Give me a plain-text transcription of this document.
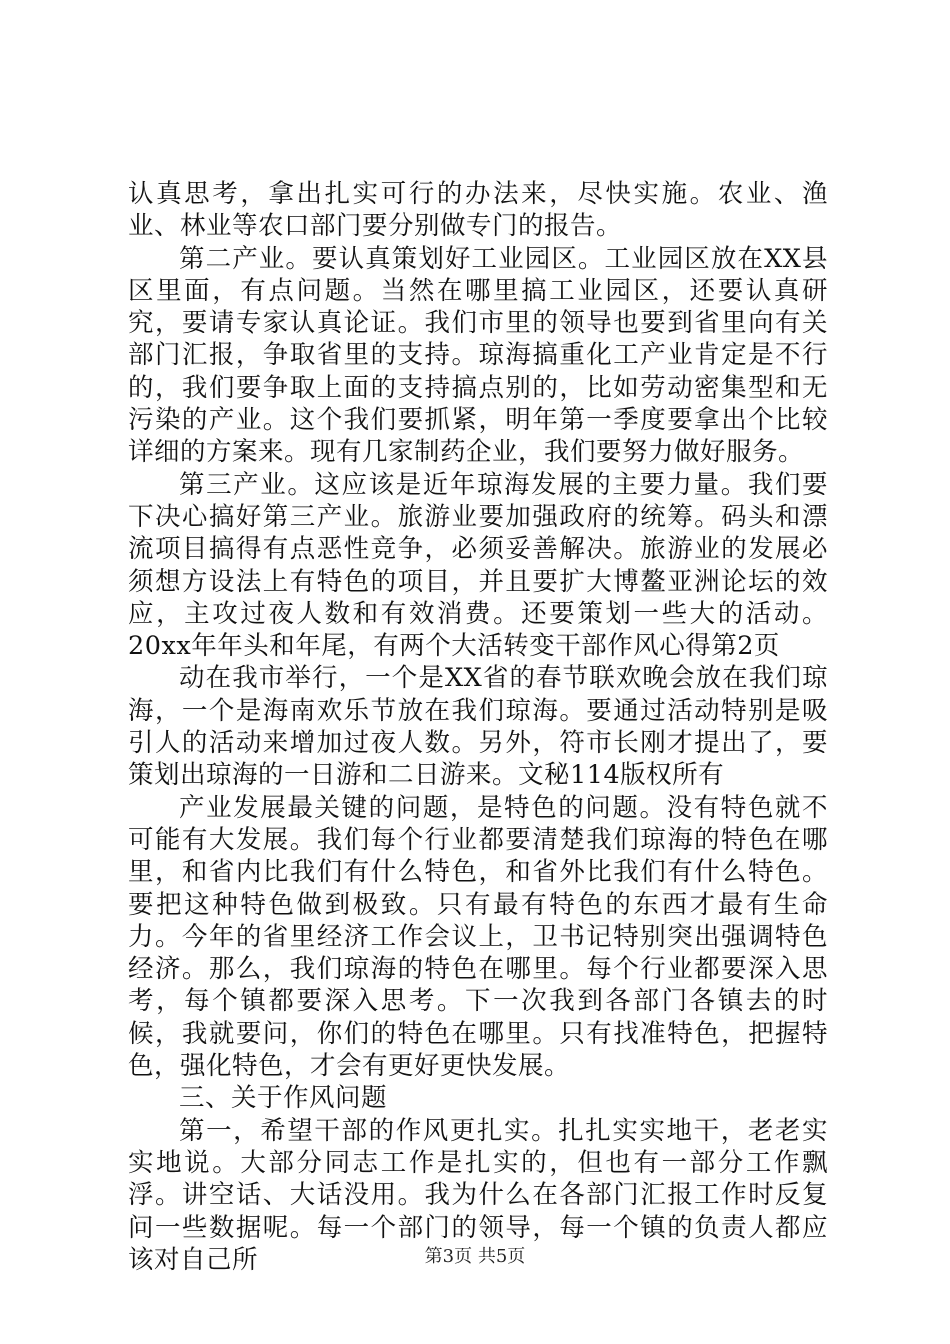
认真思考，拿出扎实可行的办法来，尽快实施。农业、渔业、林业等农口部门要分别做专门的报告。

第二产业。要认真策划好工业园区。工业园区放在XX县区里面，有点问题。当然在哪里搞工业园区，还要认真研究，要请专家认真论证。我们市里的领导也要到省里向有关部门汇报，争取省里的支持。琼海搞重化工产业肯定是不行的，我们要争取上面的支持搞点别的，比如劳动密集型和无污染的产业。这个我们要抓紧，明年第一季度要拿出个比较详细的方案来。现有几家制药企业，我们要努力做好服务。

第三产业。这应该是近年琼海发展的主要力量。我们要下决心搞好第三产业。旅游业要加强政府的统筹。码头和漂流项目搞得有点恶性竞争，必须妥善解决。旅游业的发展必须想方设法上有特色的项目，并且要扩大博鳌亚洲论坛的效应，主攻过夜人数和有效消费。还要策划一些大的活动。20xx年年头和年尾，有两个大活转变干部作风心得第2页

动在我市举行，一个是XX省的春节联欢晚会放在我们琼海，一个是海南欢乐节放在我们琼海。要通过活动特别是吸引人的活动来增加过夜人数。另外，符市长刚才提出了，要策划出琼海的一日游和二日游来。文秘114版权所有

产业发展最关键的问题，是特色的问题。没有特色就不可能有大发展。我们每个行业都要清楚我们琼海的特色在哪里，和省内比我们有什么特色，和省外比我们有什么特色。要把这种特色做到极致。只有最有特色的东西才最有生命力。今年的省里经济工作会议上，卫书记特别突出强调特色经济。那么，我们琼海的特色在哪里。每个行业都要深入思考，每个镇都要深入思考。下一次我到各部门各镇去的时候，我就要问，你们的特色在哪里。只有找准特色，把握特色，强化特色，才会有更好更快发展。

三、关于作风问题

第一，希望干部的作风更扎实。扎扎实实地干，老老实实地说。大部分同志工作是扎实的，但也有一部分工作飘浮。讲空话、大话没用。我为什么在各部门汇报工作时反复问一些数据呢。每一个部门的领导，每一个镇的负责人都应该对自己所	第3页 共5页
